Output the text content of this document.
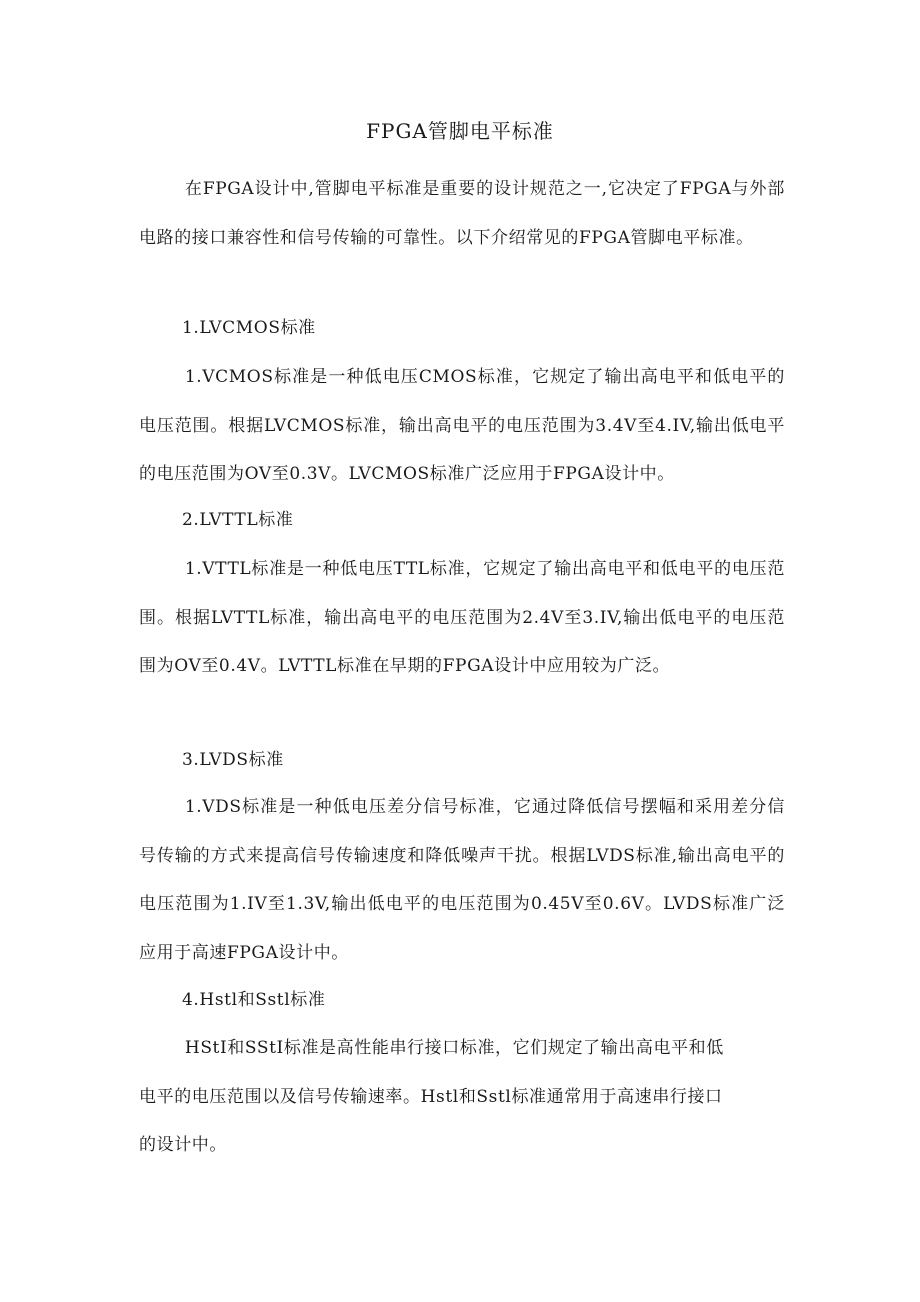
FPGA管脚电平标准

在FPGA设计中,管脚电平标准是重要的设计规范之一,它决定了FPGA与外部电路的接口兼容性和信号传输的可靠性。以下介绍常见的FPGA管脚电平标准。

1.LVCMOS标准

1.VCMOS标准是一种低电压CMOS标准，它规定了输出高电平和低电平的电压范围。根据LVCMOS标准，输出高电平的电压范围为3.4V至4.IV,输出低电平的电压范围为OV至0.3V。LVCMOS标准广泛应用于FPGA设计中。

2.LVTTL标准

1.VTTL标准是一种低电压TTL标准，它规定了输出高电平和低电平的电压范围。根据LVTTL标准，输出高电平的电压范围为2.4V至3.IV,输出低电平的电压范围为OV至0.4V。LVTTL标准在早期的FPGA设计中应用较为广泛。

3.LVDS标准

1.VDS标准是一种低电压差分信号标准，它通过降低信号摆幅和采用差分信号传输的方式来提高信号传输速度和降低噪声干扰。根据LVDS标准,输出高电平的电压范围为1.IV至1.3V,输出低电平的电压范围为0.45V至0.6V。LVDS标准广泛应用于高速FPGA设计中。

4.Hstl和Sstl标准

HStI和SStI标准是高性能串行接口标准，它们规定了输出高电平和低电平的电压范围以及信号传输速率。Hstl和Sstl标准通常用于高速串行接口的设计中。
